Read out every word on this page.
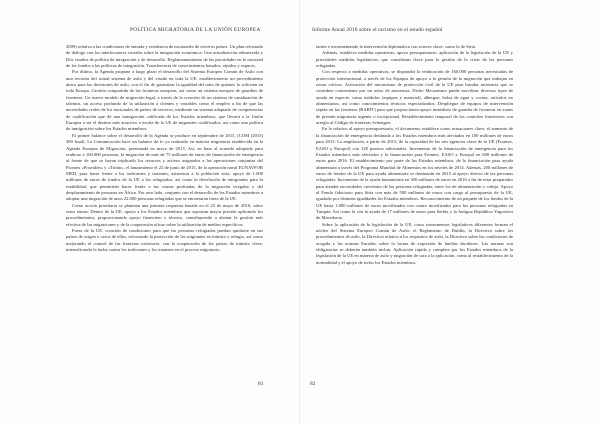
POLÍTICA MIGRATORIA DE LA UNIÓN EUROPEA

2009) relativa a las condiciones de entrada y residencia de nacionales de terceros países. Un plan reforzado de diálogo con los interlocutores sociales sobre la integración económica. Una actualización rebustecida y Dos visados de política de integración y de desarrollo. Reglamentamiento de las prioridades en lo nacional de los fondos a las políticas de integración. Transferencia de conocimientos basados, rápidos y seguros.

Por último, la Agenda propone a largo plazo el desarrollo del Sistema Europeo Común de Asilo con una revisión del actual sistema de asilo y del visado en toda la UE, establecimiento un procedimiento único para las decisiones de asilo, con el fin de garantizar la igualdad del trato de quienes lo soliciten en toda Europa. Gestión compartida de las fronteras europeas, así como un sistema europeo de guardias de fronteras. Un nuevo modelo de migración legal, a través de la creación de un sistema de canalización de talentos, un acceso profundo de la utilización a clientes y variables como el empleo a fin de que las necesidades reales de los nacionales de países de terceros, mediante un sistema adaptado de competencias de cualificación que dé una inmigración calificada de los Estados miembros, que llevará a la Unión Europea a ser el destino más atractivo a escala de la UE de migrantes cualificados, así como una política de inmigración sobre los Estados miembros.

El primer balance sobre el desarrollo de la Agenda se produce en septiembre de 2015, (COM (2015) 490 final). La Comunicación hace un balance de lo ya realizado en materia migratoria establecida en la Agenda Europea de Migración, presentada en mayo de 2015. Así, en base al acuerdo adoptado para reubicar a 160.000 personas, la migración de más de 75 millones de euros de financiación de emergencia al frente de que se hayan triplicado los recursos y activos asignados a las operaciones conjuntas del Frontex «Poseidón» y «Tritón», el lanzamiento el 22 de junio de 2015, de la operación naval EUNAVFOR MED, para hacer frente a los traficantes y tratantes, asistencia a la población siria, apoyo de 1.000 millones de euros de fondos de la UE a los refugiados, así como la devolución de emigrantes para la estabilidad, que permitirán hacer frente a las causas profundas de la migración irregular y del desplazamiento de personas en África. Por otro lado, conjunto con el desarrollo de los Estados miembros a adoptar una migración de unos 22.000 personas refugiadas que se encuentran fuera de la UE.

Como acción prioritaria se plantean una primera respuesta basada en el 23 de mayo de 2016, sobre estos temas: Dentro de la UE, apoyo a los Estados miembros que soportan mayor presión aplicando los procedimientos, proporcionando apoyo financiero y técnico, contribuyendo a alentar la gestión más efectiva de las migraciones y de la cooperación eficaz sobre la utilización de medios específicos.

Fuera de la UE, creación de condiciones para que las personas refugiadas puedan quedarse en sus países de origen o cerca de ellos, reforzando la protección de los migrantes en tránsito y refugio, así como mejorando el control de las fronteras exteriores, con la cooperación de los países de tránsito clave, intensificando la lucha contra los traficantes y los tratantes en el proceso migratorio.

81
Informe Anual 2016 sobre el racismo en el estado español

tantes e incrementando la intervención diplomática con actores clave, como la de Siria.

Además, establece medidas operativas, apoyo presupuestario, aplicación de la legislación de la UE y prioridades medidas legislativas, que consideran clave para la gestión de la crisis de las personas refugiadas.

Con respecto a medidas operativas, se dispondrá la reubicación de 160.000 personas necesitadas de protección internacional, a través de los Equipos de apoyo a la gestión de la migración que trabajan en zonas críticas. Activación del mecanismo de protección civil de la UE para brindar asistencia que se considere conveniente por un aviso de asistencia. Dicho Mecanismo puede movilizar diversos tipos de ayuda en especie, como módulos (equipos y material), albergue, bolsa de agua y cocina, artículos no alimentarios, así como conocimientos técnicos especializados. Despliegue de equipos de intervención rápida en las fronteras (RABIT) para que proporcionen apoyo inmediato de guardia de fronteras en zonas de presión migratoria urgente o excepcional. Restablecimiento temporal de los controles fronterizos con arreglo al Código de fronteras Schengen.

En lo relativo al apoyo presupuestario, el documento establece como actuaciones clave, el aumento de la financiación de emergencia destinada a los Estados miembros más afectados en 100 millones de euros para 2015. La ampliación, a partir de 2015, de la capacidad de las tres agencias clave de la UE (Frontex, EASO y Europol) con 120 puestos adicionales. Incremento de la financiación de emergencia para los Estados miembros más afectados y la financiación para Frontex, EASO y Europol en 600 millones de euros para 2016. El establecimiento por parte de los Estados miembros, de la financiación para ayuda alimentaria a través del Programa Mundial de Alimentos en los niveles de 2014. Además, 200 millones de euros de fondos de la UE para ayuda alimentaria se destinarán en 2015 al apoyo directo de las personas refugiadas. Incremento de la ayuda humanitaria en 300 millones de euros en 2016 a fin de estar preparados para atender necesidades crecientes de las personas refugiadas, entre los de alimentación y cobijo. Apoyo al Fondo fiduciario para Siria con más de 500 millones de euros con cargo al presupuesto de la UE, igualado por distintas igualdades los Estados miembros. Reconocimiento de un paquete de los fondos de la UE hasta 1.000 millones de euros movilizados con cuatro movilizados para los personas refugiadas en Turquía. Así como la con la ayuda de 17 millones de euros para Serbia y la Antigua República Yugoslava de Macedonia.

Sobre la aplicación de la legislación de la UE, cinco instrumentos legislativos diferentes forman el núcleo del Sistema Europeo Común de Asilo: el Reglamento de Dublín, la Directiva sobre los procedimientos de asilo, la Directiva relativa a los requisitos de asilo, la Directiva sobre las condiciones de acogida y las normas Eurodac sobre la forma de expresión de huellas dactilares. Las normas son obligatorias se deberán también incluir. Aplicación rápida y completa por los Estados miembros de la legislación de la UE en materia de asilo y migración de cara a la aplicación, como al restablecimiento de la normalidad y el apoyo de todos los Estados miembros.

82
